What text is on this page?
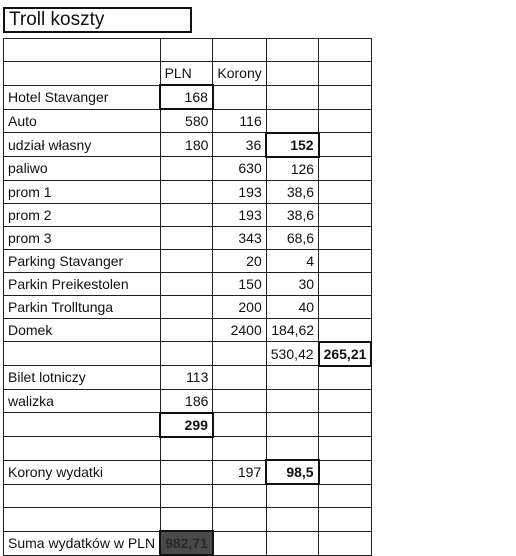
Troll koszty

	PLN	Korony		
Hotel Stavanger	168			
Auto	580	116		
udział własny	180	36	152	
paliwo		630	126	
prom 1		193	38,6	
prom 2		193	38,6	
prom 3		343	68,6	
Parking Stavanger		20	4	
Parkin Preikestolen		150	30	
Parkin Trolltunga		200	40	
Domek		2400	184,62	
			530,42	265,21
Bilet lotniczy	113			
walizka	186			
	299			

Korony wydatki		197	98,5	

Suma wydatków w PLN	982,71			
